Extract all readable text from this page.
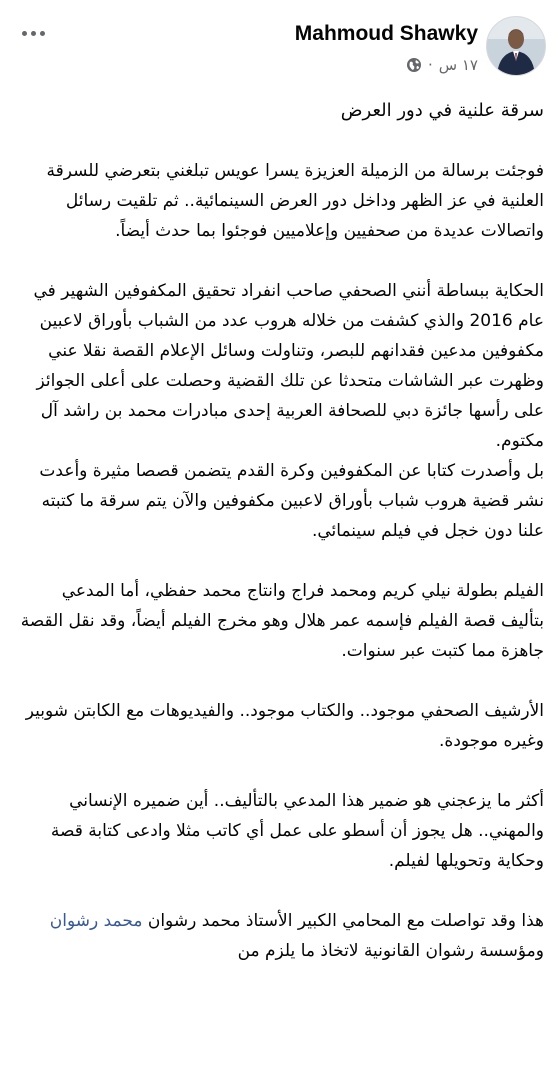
Mahmoud Shawky
١٧ س
·

سرقة علنية في دور العرض

فوجئت برسالة من الزميلة العزيزة يسرا عويس تبلغني بتعرضي للسرقة العلنية في عز الظهر وداخل دور العرض السينمائية.. ثم تلقيت رسائل واتصالات عديدة من صحفيين وإعلاميين فوجئوا بما حدث أيضاً.

الحكاية ببساطة أنني الصحفي صاحب انفراد تحقيق المكفوفين الشهير في عام 2016 والذي كشفت من خلاله هروب عدد من الشباب بأوراق لاعبين مكفوفين مدعين فقدانهم للبصر، وتناولت وسائل الإعلام القصة نقلا عني وظهرت عبر الشاشات متحدثا عن تلك القضية وحصلت على أعلى الجوائز على رأسها جائزة دبي للصحافة العربية إحدى مبادرات محمد بن راشد آل مكتوم.

بل وأصدرت كتابا عن المكفوفين وكرة القدم يتضمن قصصا مثيرة وأعدت نشر قضية هروب شباب بأوراق لاعبين مكفوفين والآن يتم سرقة ما كتبته علنا دون خجل في فيلم سينمائي.

الفيلم بطولة نيلي كريم ومحمد فراج وانتاج محمد حفظي، أما المدعي بتأليف قصة الفيلم فإسمه عمر هلال وهو مخرج الفيلم أيضاً، وقد نقل القصة جاهزة مما كتبت عبر سنوات.

الأرشيف الصحفي موجود.. والكتاب موجود.. والفيديوهات مع الكابتن شوبير وغيره موجودة.

أكثر ما يزعجني هو ضمير هذا المدعي بالتأليف.. أين ضميره الإنساني والمهني.. هل يجوز أن أسطو على عمل أي كاتب مثلا وادعى كتابة قصة وحكاية وتحويلها لفيلم.

هذا وقد تواصلت مع المحامي الكبير الأستاذ محمد رشوان محمد رشوان ومؤسسة رشوان القانونية لاتخاذ ما يلزم من
